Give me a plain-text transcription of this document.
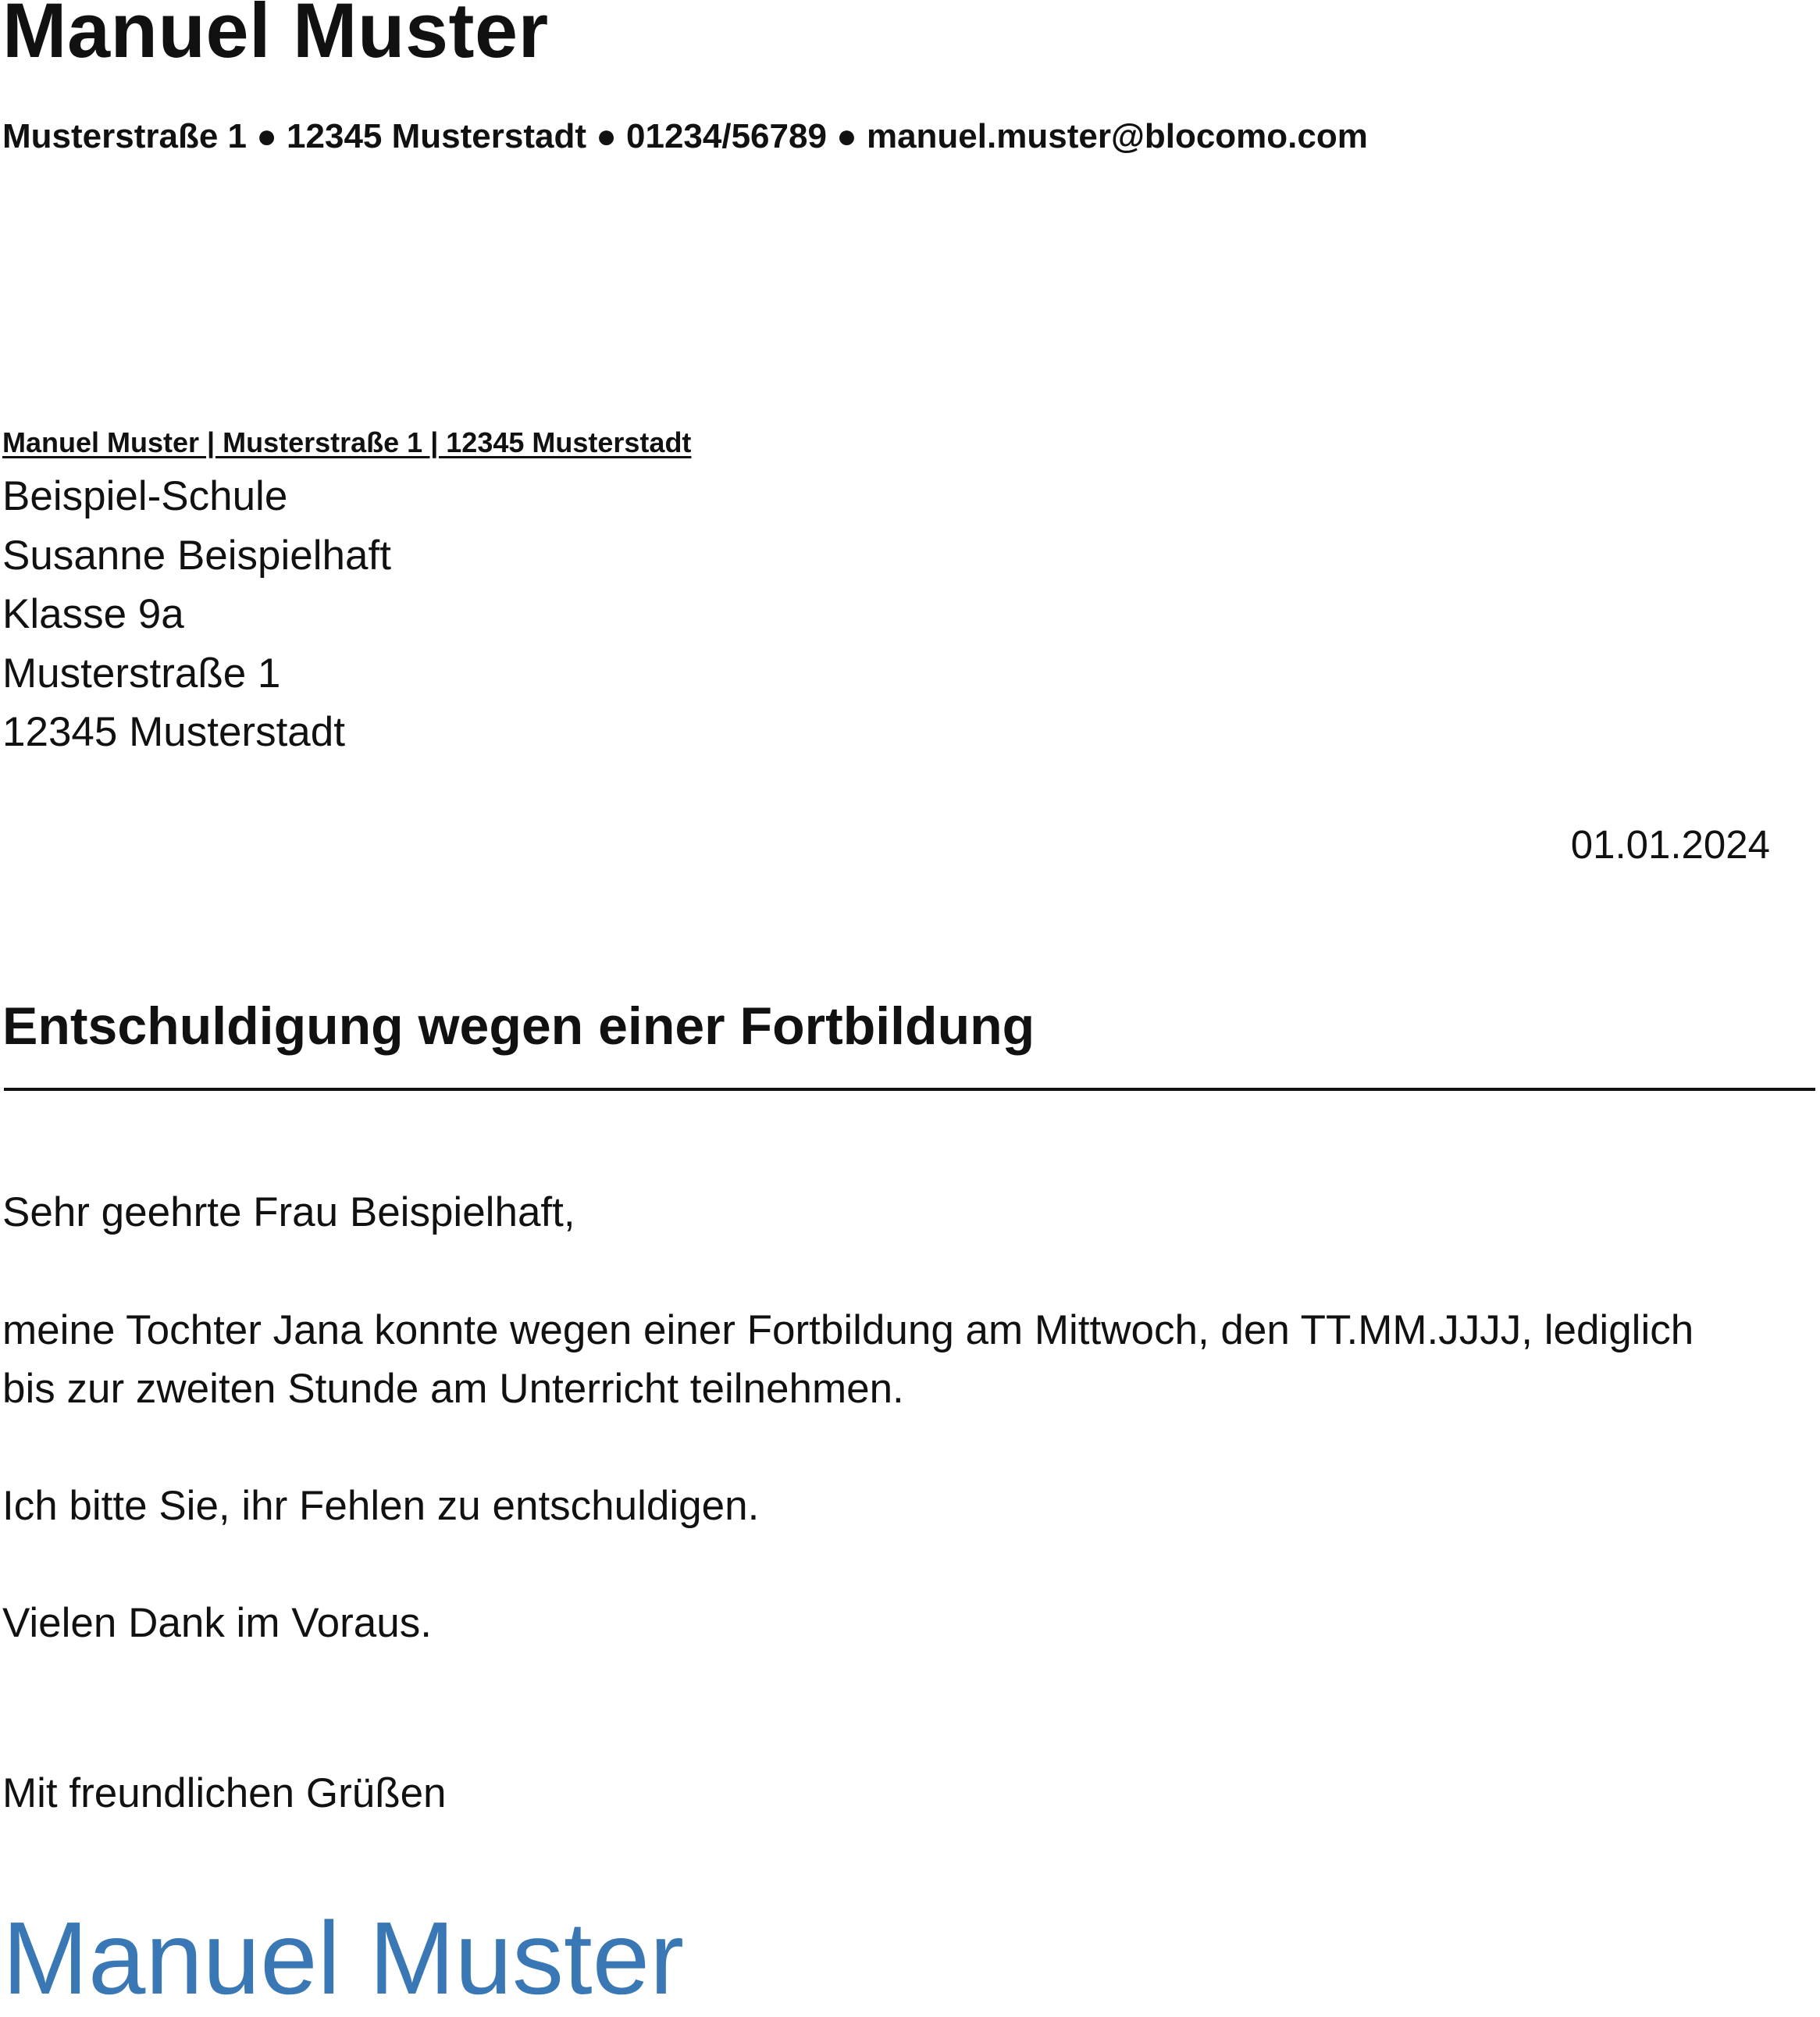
Manuel Muster
Musterstraße 1 ● 12345 Musterstadt ● 01234/56789 ● manuel.muster@blocomo.com
Manuel Muster | Musterstraße 1 | 12345 Musterstadt
Beispiel-Schule
Susanne Beispielhaft
Klasse 9a
Musterstraße 1
12345 Musterstadt
01.01.2024
Entschuldigung wegen einer Fortbildung
Sehr geehrte Frau Beispielhaft,
meine Tochter Jana konnte wegen einer Fortbildung am Mittwoch, den TT.MM.JJJJ, lediglich
bis zur zweiten Stunde am Unterricht teilnehmen.
Ich bitte Sie, ihr Fehlen zu entschuldigen.
Vielen Dank im Voraus.
Mit freundlichen Grüßen
Manuel Muster
